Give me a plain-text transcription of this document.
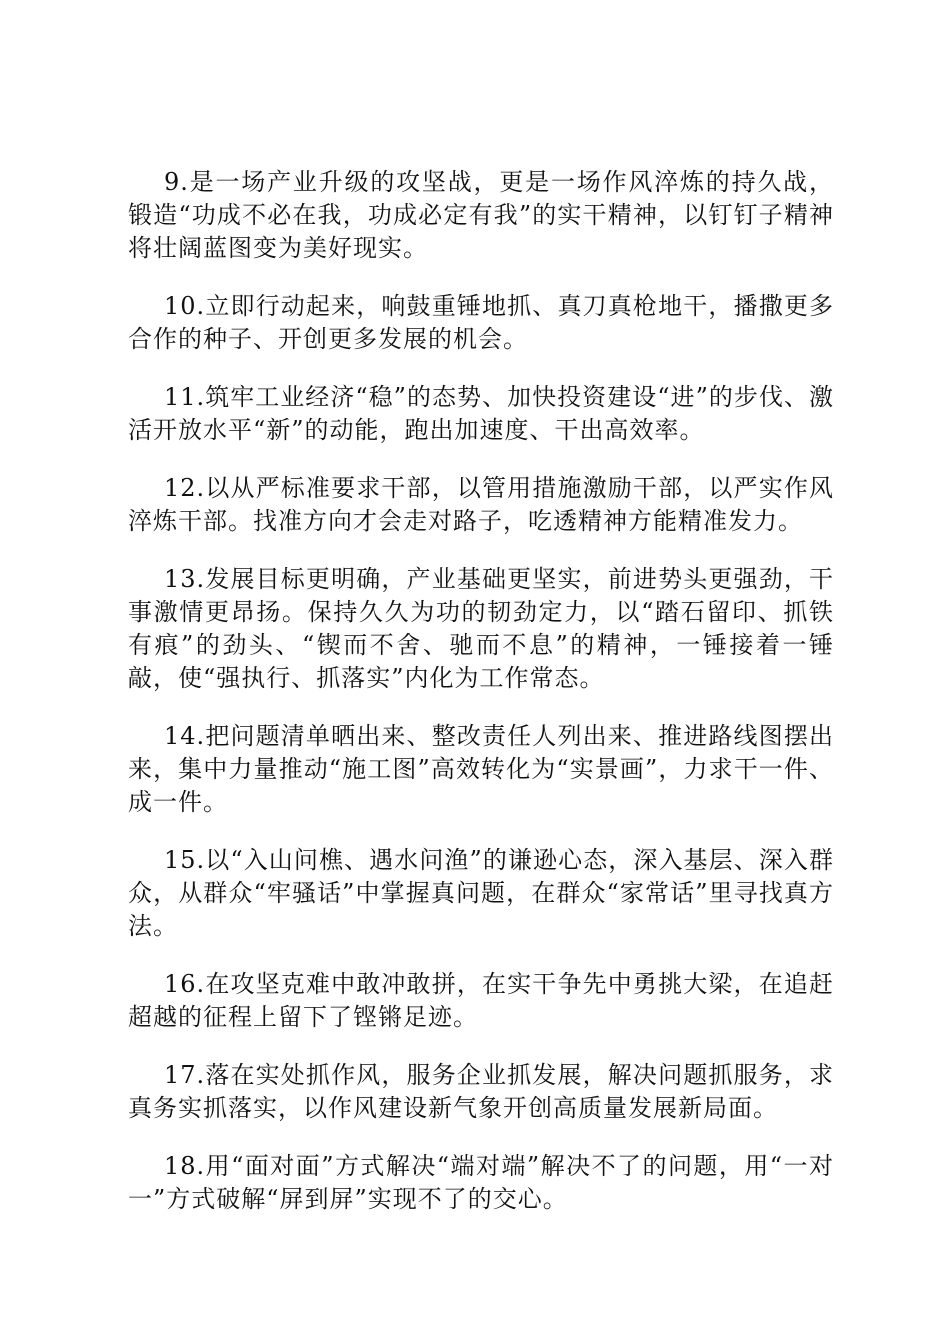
9.是一场产业升级的攻坚战，更是一场作风淬炼的持久战，锻造“功成不必在我，功成必定有我”的实干精神，以钉钉子精神将壮阔蓝图变为美好现实。

10.立即行动起来，响鼓重锤地抓、真刀真枪地干，播撒更多合作的种子、开创更多发展的机会。

11.筑牢工业经济“稳”的态势、加快投资建设“进”的步伐、激活开放水平“新”的动能，跑出加速度、干出高效率。

12.以从严标准要求干部，以管用措施激励干部，以严实作风淬炼干部。找准方向才会走对路子，吃透精神方能精准发力。

13.发展目标更明确，产业基础更坚实，前进势头更强劲，干事激情更昂扬。保持久久为功的韧劲定力，以“踏石留印、抓铁有痕”的劲头、“锲而不舍、驰而不息”的精神，一锤接着一锤敲，使“强执行、抓落实”内化为工作常态。

14.把问题清单晒出来、整改责任人列出来、推进路线图摆出来，集中力量推动“施工图”高效转化为“实景画”，力求干一件、成一件。

15.以“入山问樵、遇水问渔”的谦逊心态，深入基层、深入群众，从群众“牢骚话”中掌握真问题，在群众“家常话”里寻找真方法。

16.在攻坚克难中敢冲敢拼，在实干争先中勇挑大梁，在追赶超越的征程上留下了铿锵足迹。

17.落在实处抓作风，服务企业抓发展，解决问题抓服务，求真务实抓落实，以作风建设新气象开创高质量发展新局面。

18.用“面对面”方式解决“端对端”解决不了的问题，用“一对一”方式破解“屏到屏”实现不了的交心。
